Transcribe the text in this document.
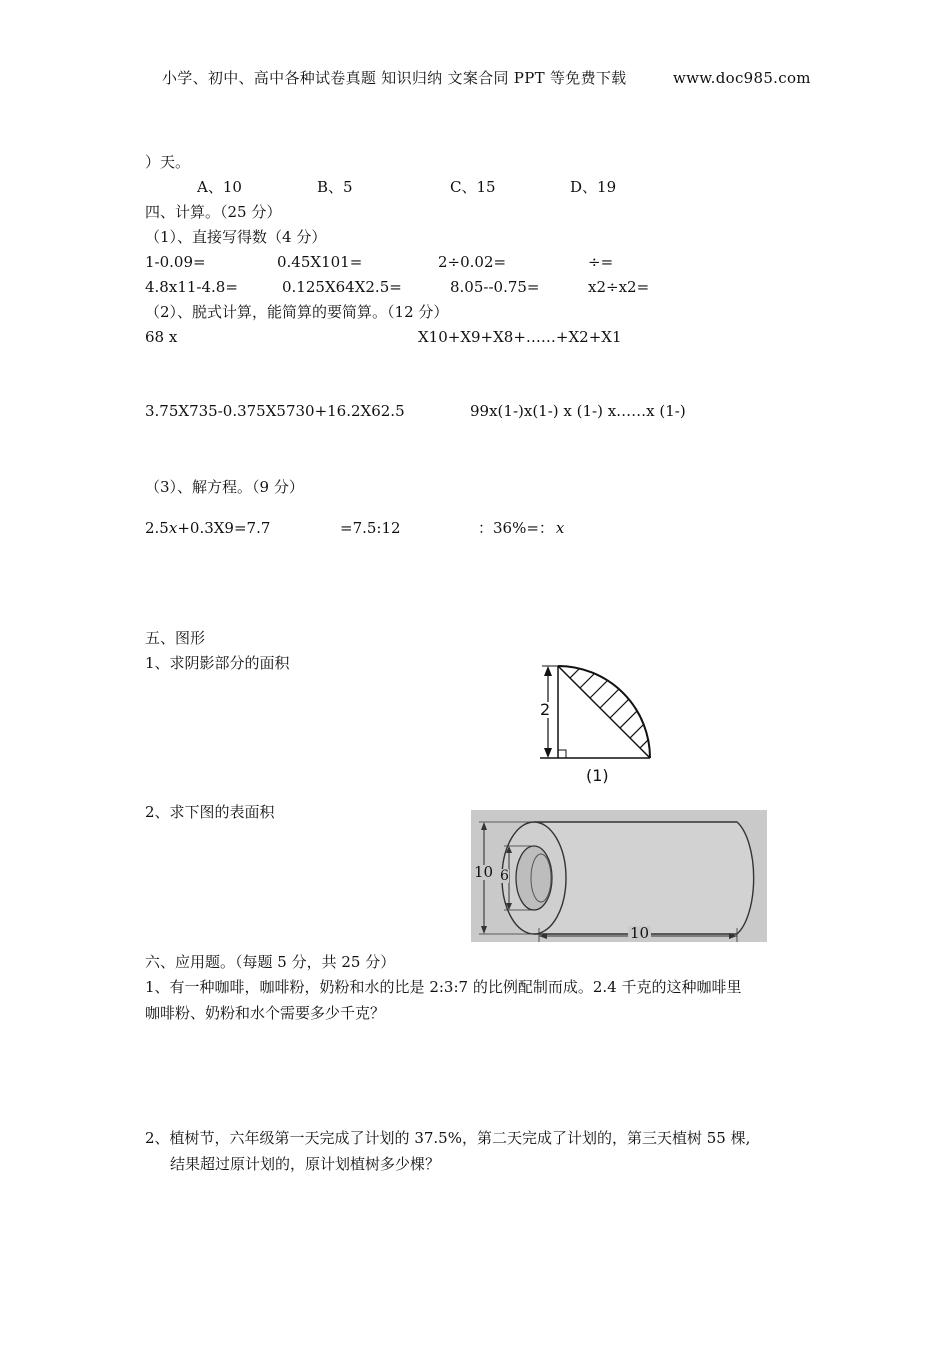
小学、初中、高中各种试卷真题 知识归纳 文案合同 PPT 等免费下载	www.doc985.com
）天。
A、10	B、5	C、15	D、19
四、计算。（25 分）
（1）、直接写得数（4 分）
1-0.09=	0.45X101=	2÷0.02=	÷=
4.8x11-4.8=	0.125X64X2.5=	8.05--0.75=	x2÷x2=
（2）、脱式计算，能简算的要简算。（12 分）
68 x	X10+X9+X8+……+X2+X1
3.75X735-0.375X5730+16.2X62.5	99x(1-)x(1-) x (1-) x……x (1-)
（3）、解方程。（9 分）
2.5x+0.3X9=7.7	=7.5:12	：36%=： x
五、图形
1、求阴影部分的面积
2
(1)
2、求下图的表面积
10 6
10
六、应用题。（每题 5 分，共 25 分）
1、有一种咖啡，咖啡粉，奶粉和水的比是 2:3:7 的比例配制而成。2.4 千克的这种咖啡里
咖啡粉、奶粉和水个需要多少千克？
2、植树节，六年级第一天完成了计划的 37.5%，第二天完成了计划的，第三天植树 55 棵,
结果超过原计划的，原计划植树多少棵？
